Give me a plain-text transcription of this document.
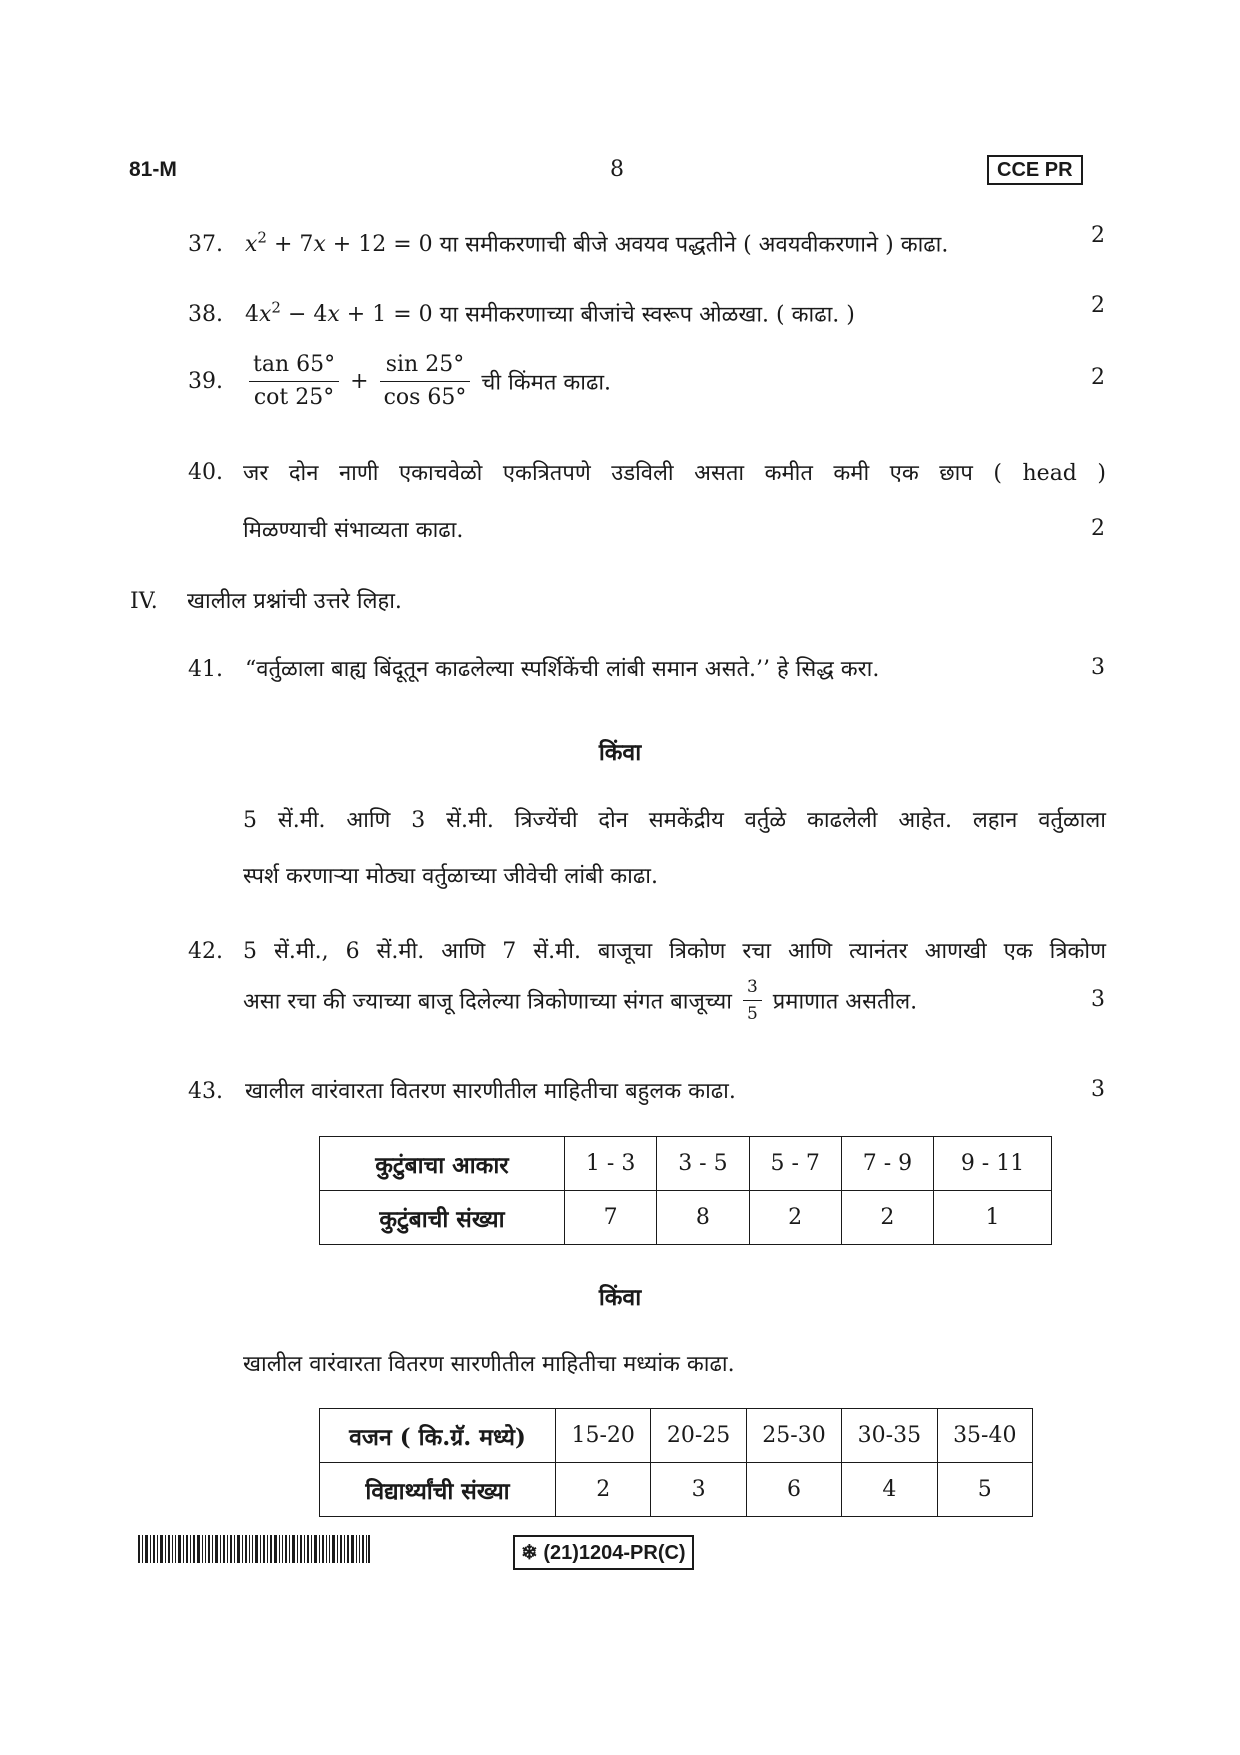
81-M	8	CCE PR
37. $x^2 + 7x + 12 = 0$ या समीकरणाची बीजे अवयव पद्धतीने ( अवयवीकरणाने ) काढा.	2
38. $4x^2 - 4x + 1 = 0$ या समीकरणाच्या बीजांचे स्वरूप ओळखा. ( काढा. )	2
39. $\frac{\tan 65^\circ}{\cot 25^\circ} + \frac{\sin 25^\circ}{\cos 65^\circ}$ ची किंमत काढा.	2
40. जर दोन नाणी एकाचवेळो एकत्रितपणे उडविली असता कमीत कमी एक छाप ( head )
मिळण्याची संभाव्यता काढा.	2
IV. खालील प्रश्नांची उत्तरे लिहा.
41. “वर्तुळाला बाह्य बिंदूतून काढलेल्या स्पर्शिकेंची लांबी समान असते.’’ हे सिद्ध करा.	3
किंवा
5 सें.मी. आणि 3 सें.मी. त्रिज्येंची दोन समकेंद्रीय वर्तुळे काढलेली आहेत. लहान वर्तुळाला
स्पर्श करणाऱ्या मोठ्या वर्तुळाच्या जीवेची लांबी काढा.
42. 5 सें.मी., 6 सें.मी. आणि 7 सें.मी. बाजूचा त्रिकोण रचा आणि त्यानंतर आणखी एक त्रिकोण
असा रचा की ज्याच्या बाजू दिलेल्या त्रिकोणाच्या संगत बाजूच्या $\frac{3}{5}$ प्रमाणात असतील.	3
43. खालील वारंवारता वितरण सारणीतील माहितीचा बहुलक काढा.	3
कुटुंबाचा आकार	1 - 3	3 - 5	5 - 7	7 - 9	9 - 11
कुटुंबाची संख्या	7	8	2	2	1
किंवा
खालील वारंवारता वितरण सारणीतील माहितीचा मध्यांक काढा.
वजन ( कि.ग्रॅ. मध्ये)	15-20	20-25	25-30	30-35	35-40
विद्यार्थ्यांची संख्या	2	3	6	4	5
❄ (21)1204-PR(C)
